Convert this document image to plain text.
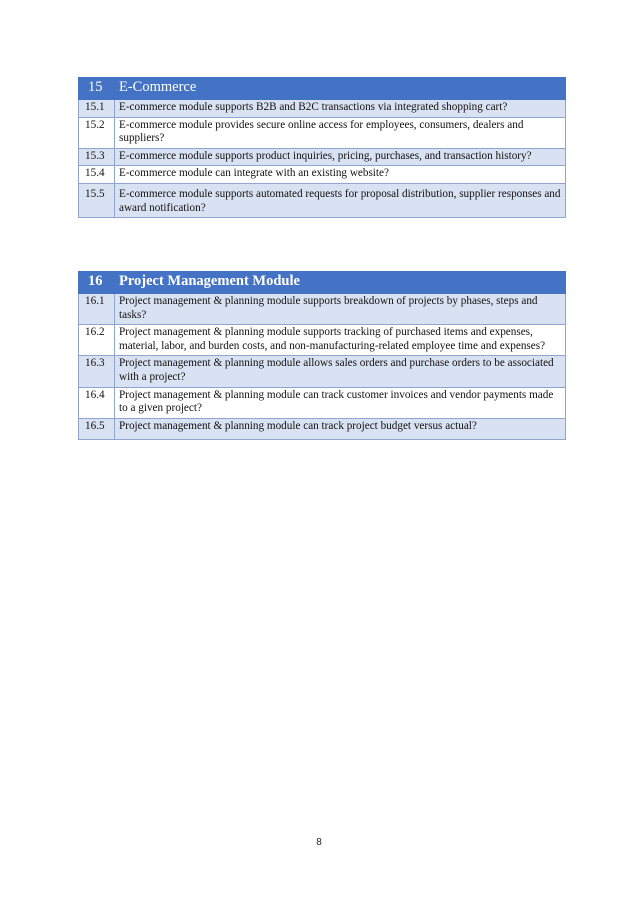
15	E-Commerce
15.1	E-commerce module supports B2B and B2C transactions via integrated shopping cart?
15.2	E-commerce module provides secure online access for employees, consumers, dealers and suppliers?
15.3	E-commerce module supports product inquiries, pricing, purchases, and transaction history?
15.4	E-commerce module can integrate with an existing website?
15.5	E-commerce module supports automated requests for proposal distribution, supplier responses and award notification?
16	Project Management Module
16.1	Project management & planning module supports breakdown of projects by phases, steps and tasks?
16.2	Project management & planning module supports tracking of purchased items and expenses, material, labor, and burden costs, and non-manufacturing-related employee time and expenses?
16.3	Project management & planning module allows sales orders and purchase orders to be associated with a project?
16.4	Project management & planning module can track customer invoices and vendor payments made to a given project?
16.5	Project management & planning module can track project budget versus actual?
8
